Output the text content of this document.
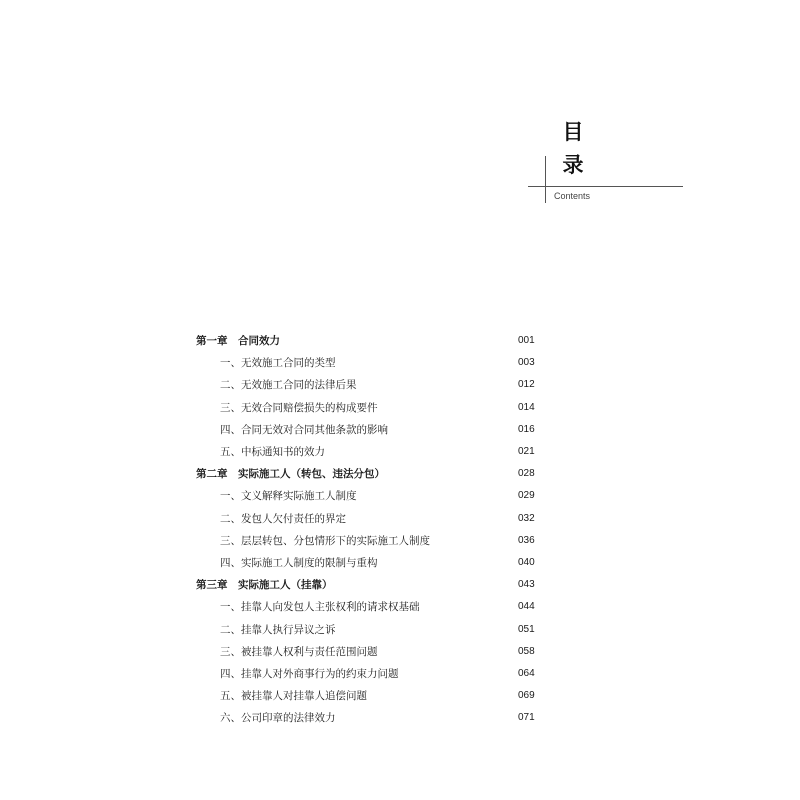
目
录
Contents
第一章　合同效力	001
一、无效施工合同的类型	003
二、无效施工合同的法律后果	012
三、无效合同赔偿损失的构成要件	014
四、合同无效对合同其他条款的影响	016
五、中标通知书的效力	021
第二章　实际施工人（转包、违法分包）	028
一、文义解释实际施工人制度	029
二、发包人欠付责任的界定	032
三、层层转包、分包情形下的实际施工人制度	036
四、实际施工人制度的限制与重构	040
第三章　实际施工人（挂靠）	043
一、挂靠人向发包人主张权利的请求权基础	044
二、挂靠人执行异议之诉	051
三、被挂靠人权利与责任范围问题	058
四、挂靠人对外商事行为的约束力问题	064
五、被挂靠人对挂靠人追偿问题	069
六、公司印章的法律效力	071
